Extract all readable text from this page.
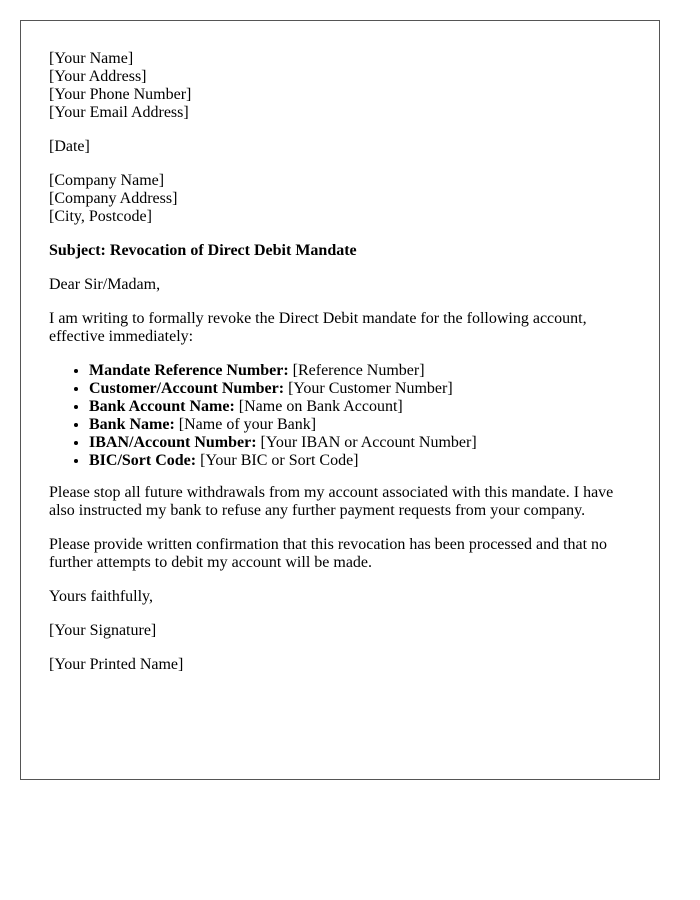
[Your Name]
[Your Address]
[Your Phone Number]
[Your Email Address]
[Date]
[Company Name]
[Company Address]
[City, Postcode]
Subject: Revocation of Direct Debit Mandate

Dear Sir/Madam,

I am writing to formally revoke the Direct Debit mandate for the following account, effective immediately:

• Mandate Reference Number: [Reference Number]
• Customer/Account Number: [Your Customer Number]
• Bank Account Name: [Name on Bank Account]
• Bank Name: [Name of your Bank]
• IBAN/Account Number: [Your IBAN or Account Number]
• BIC/Sort Code: [Your BIC or Sort Code]

Please stop all future withdrawals from my account associated with this mandate. I have also instructed my bank to refuse any further payment requests from your company.

Please provide written confirmation that this revocation has been processed and that no further attempts to debit my account will be made.

Yours faithfully,

[Your Signature]

[Your Printed Name]
